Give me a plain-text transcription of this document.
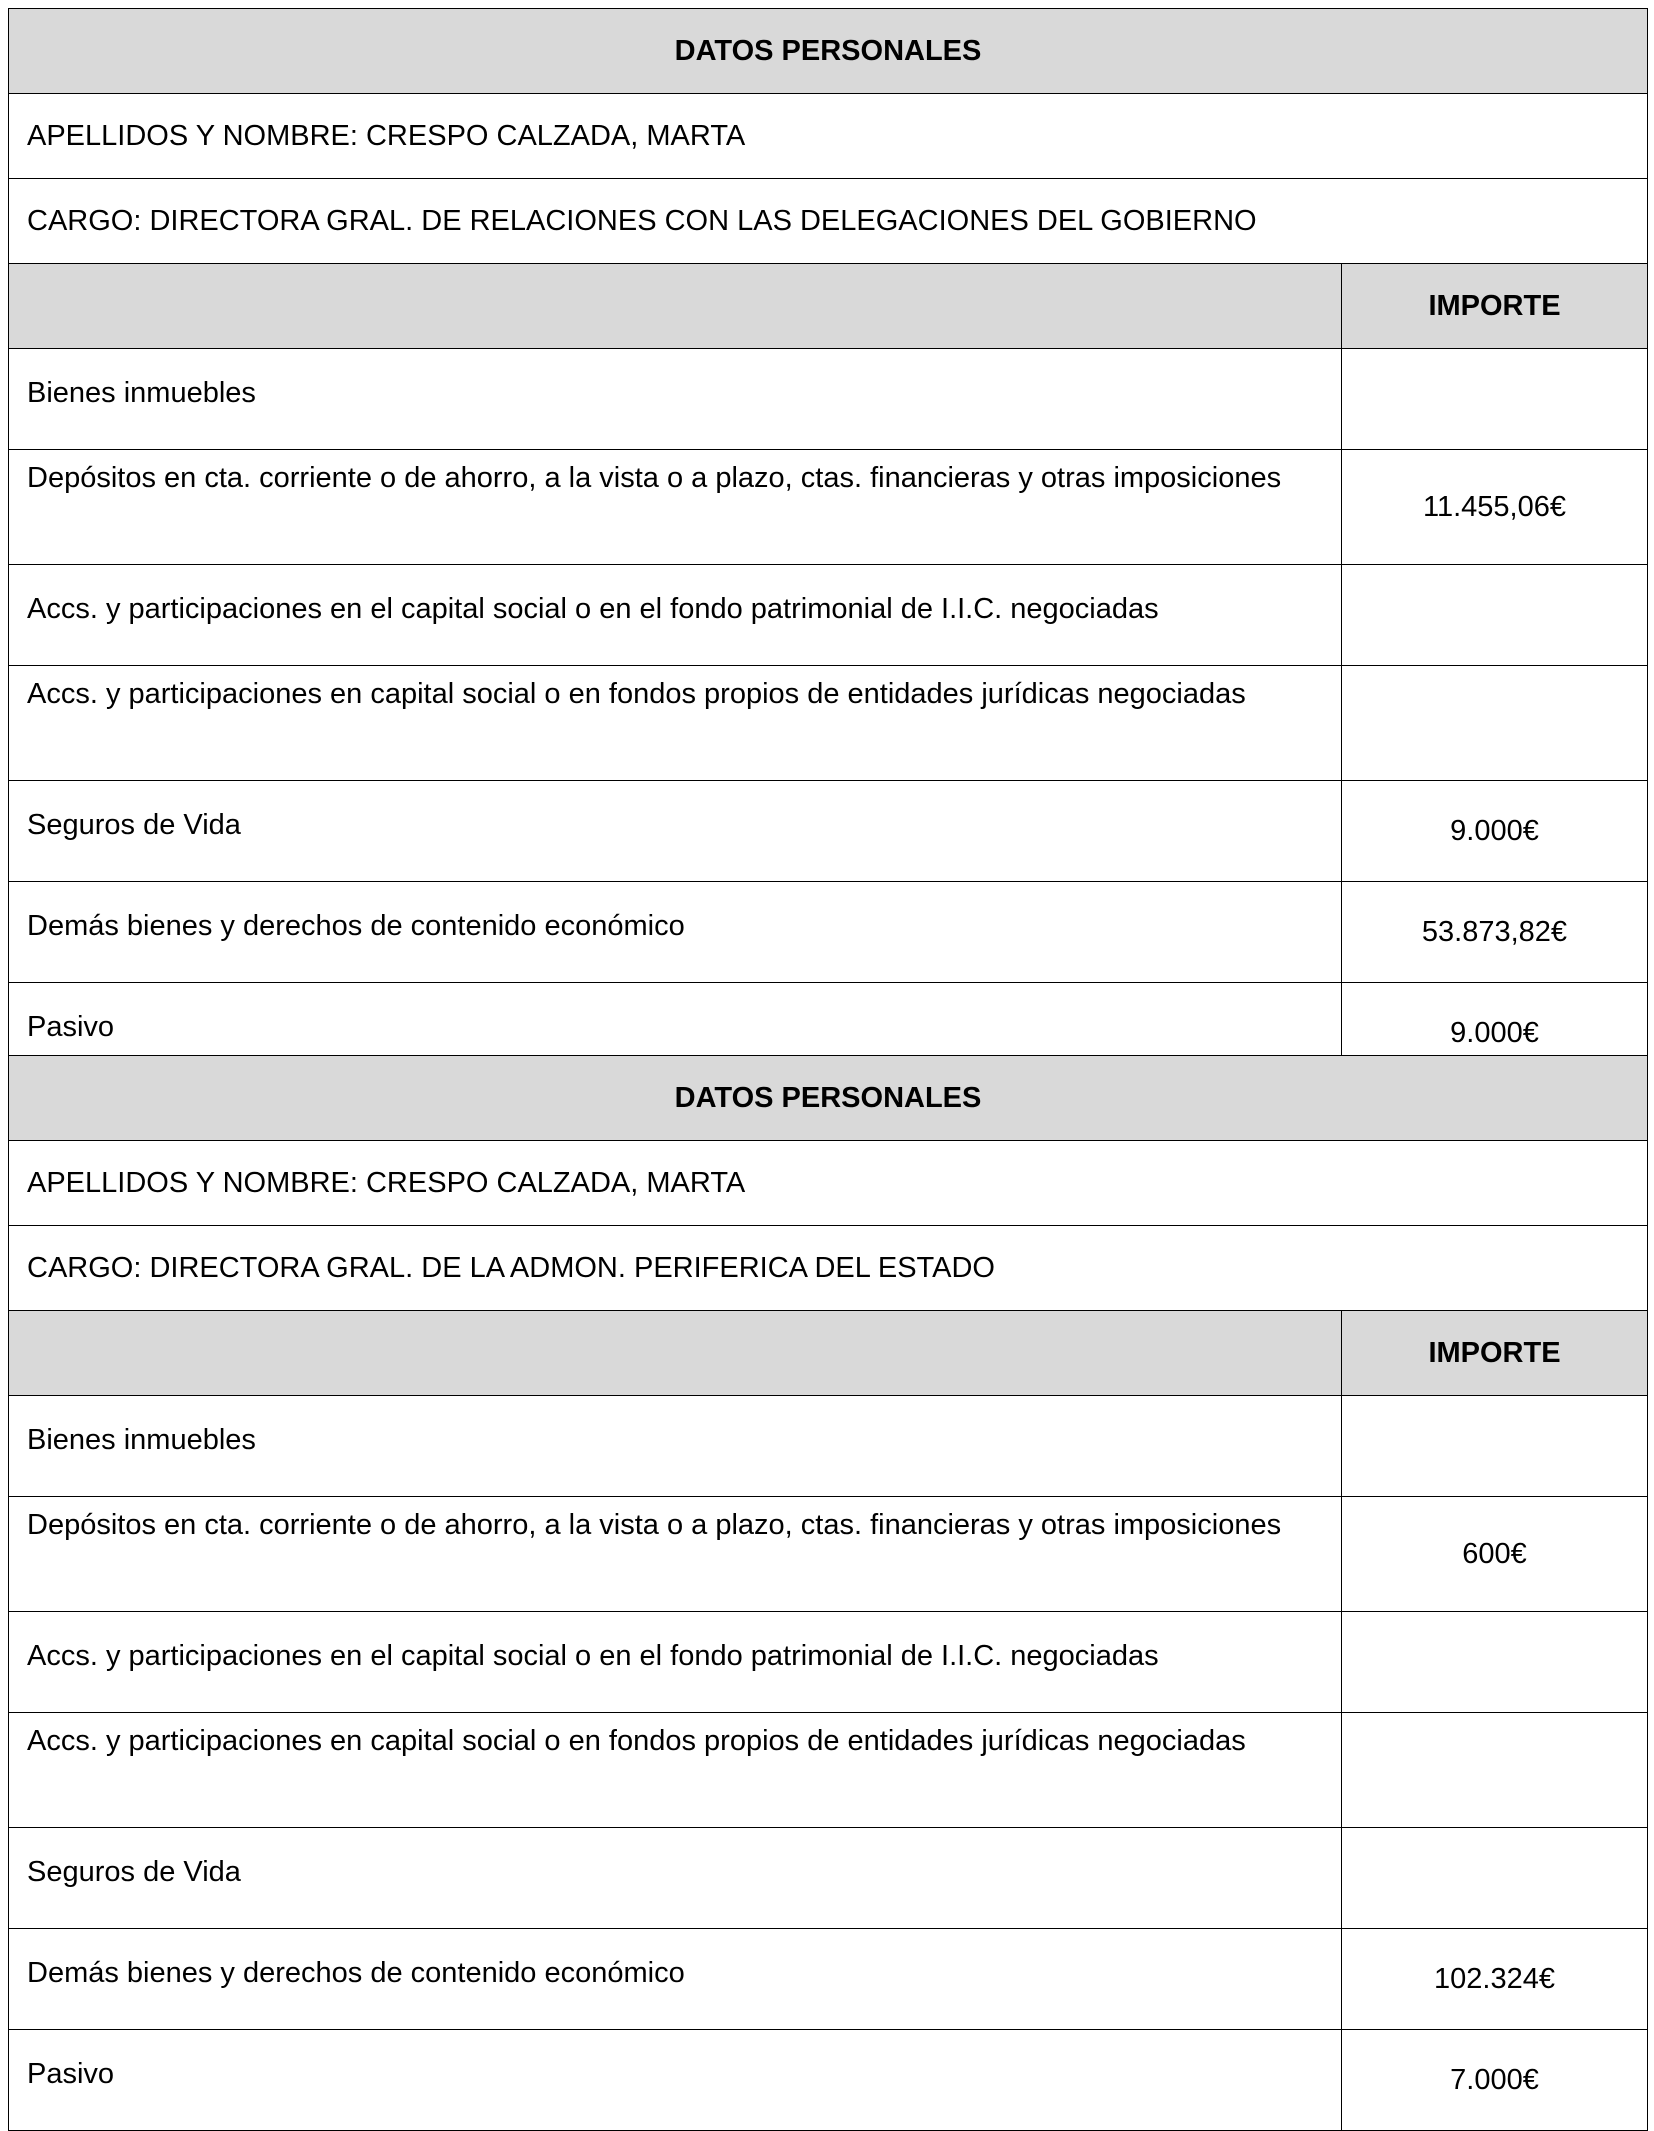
DATOS PERSONALES	
APELLIDOS Y NOMBRE: CRESPO CALZADA, MARTA	
CARGO: DIRECTORA GRAL. DE RELACIONES CON LAS DELEGACIONES DEL GOBIERNO	
	IMPORTE
Bienes inmuebles	
Depósitos en cta. corriente o de ahorro, a la vista o a plazo, ctas. financieras y otras imposiciones	11.455,06€
Accs. y participaciones en el capital social o en el fondo patrimonial de I.I.C. negociadas	
Accs. y participaciones en capital social o en fondos propios de entidades jurídicas negociadas	
Seguros de Vida	9.000€
Demás bienes y derechos de contenido económico	53.873,82€
Pasivo	9.000€
DATOS PERSONALES	
APELLIDOS Y NOMBRE: CRESPO CALZADA, MARTA	
CARGO: DIRECTORA GRAL. DE LA ADMON. PERIFERICA DEL ESTADO	
	IMPORTE
Bienes inmuebles	
Depósitos en cta. corriente o de ahorro, a la vista o a plazo, ctas. financieras y otras imposiciones	600€
Accs. y participaciones en el capital social o en el fondo patrimonial de I.I.C. negociadas	
Accs. y participaciones en capital social o en fondos propios de entidades jurídicas negociadas	
Seguros de Vida	
Demás bienes y derechos de contenido económico	102.324€
Pasivo	7.000€
